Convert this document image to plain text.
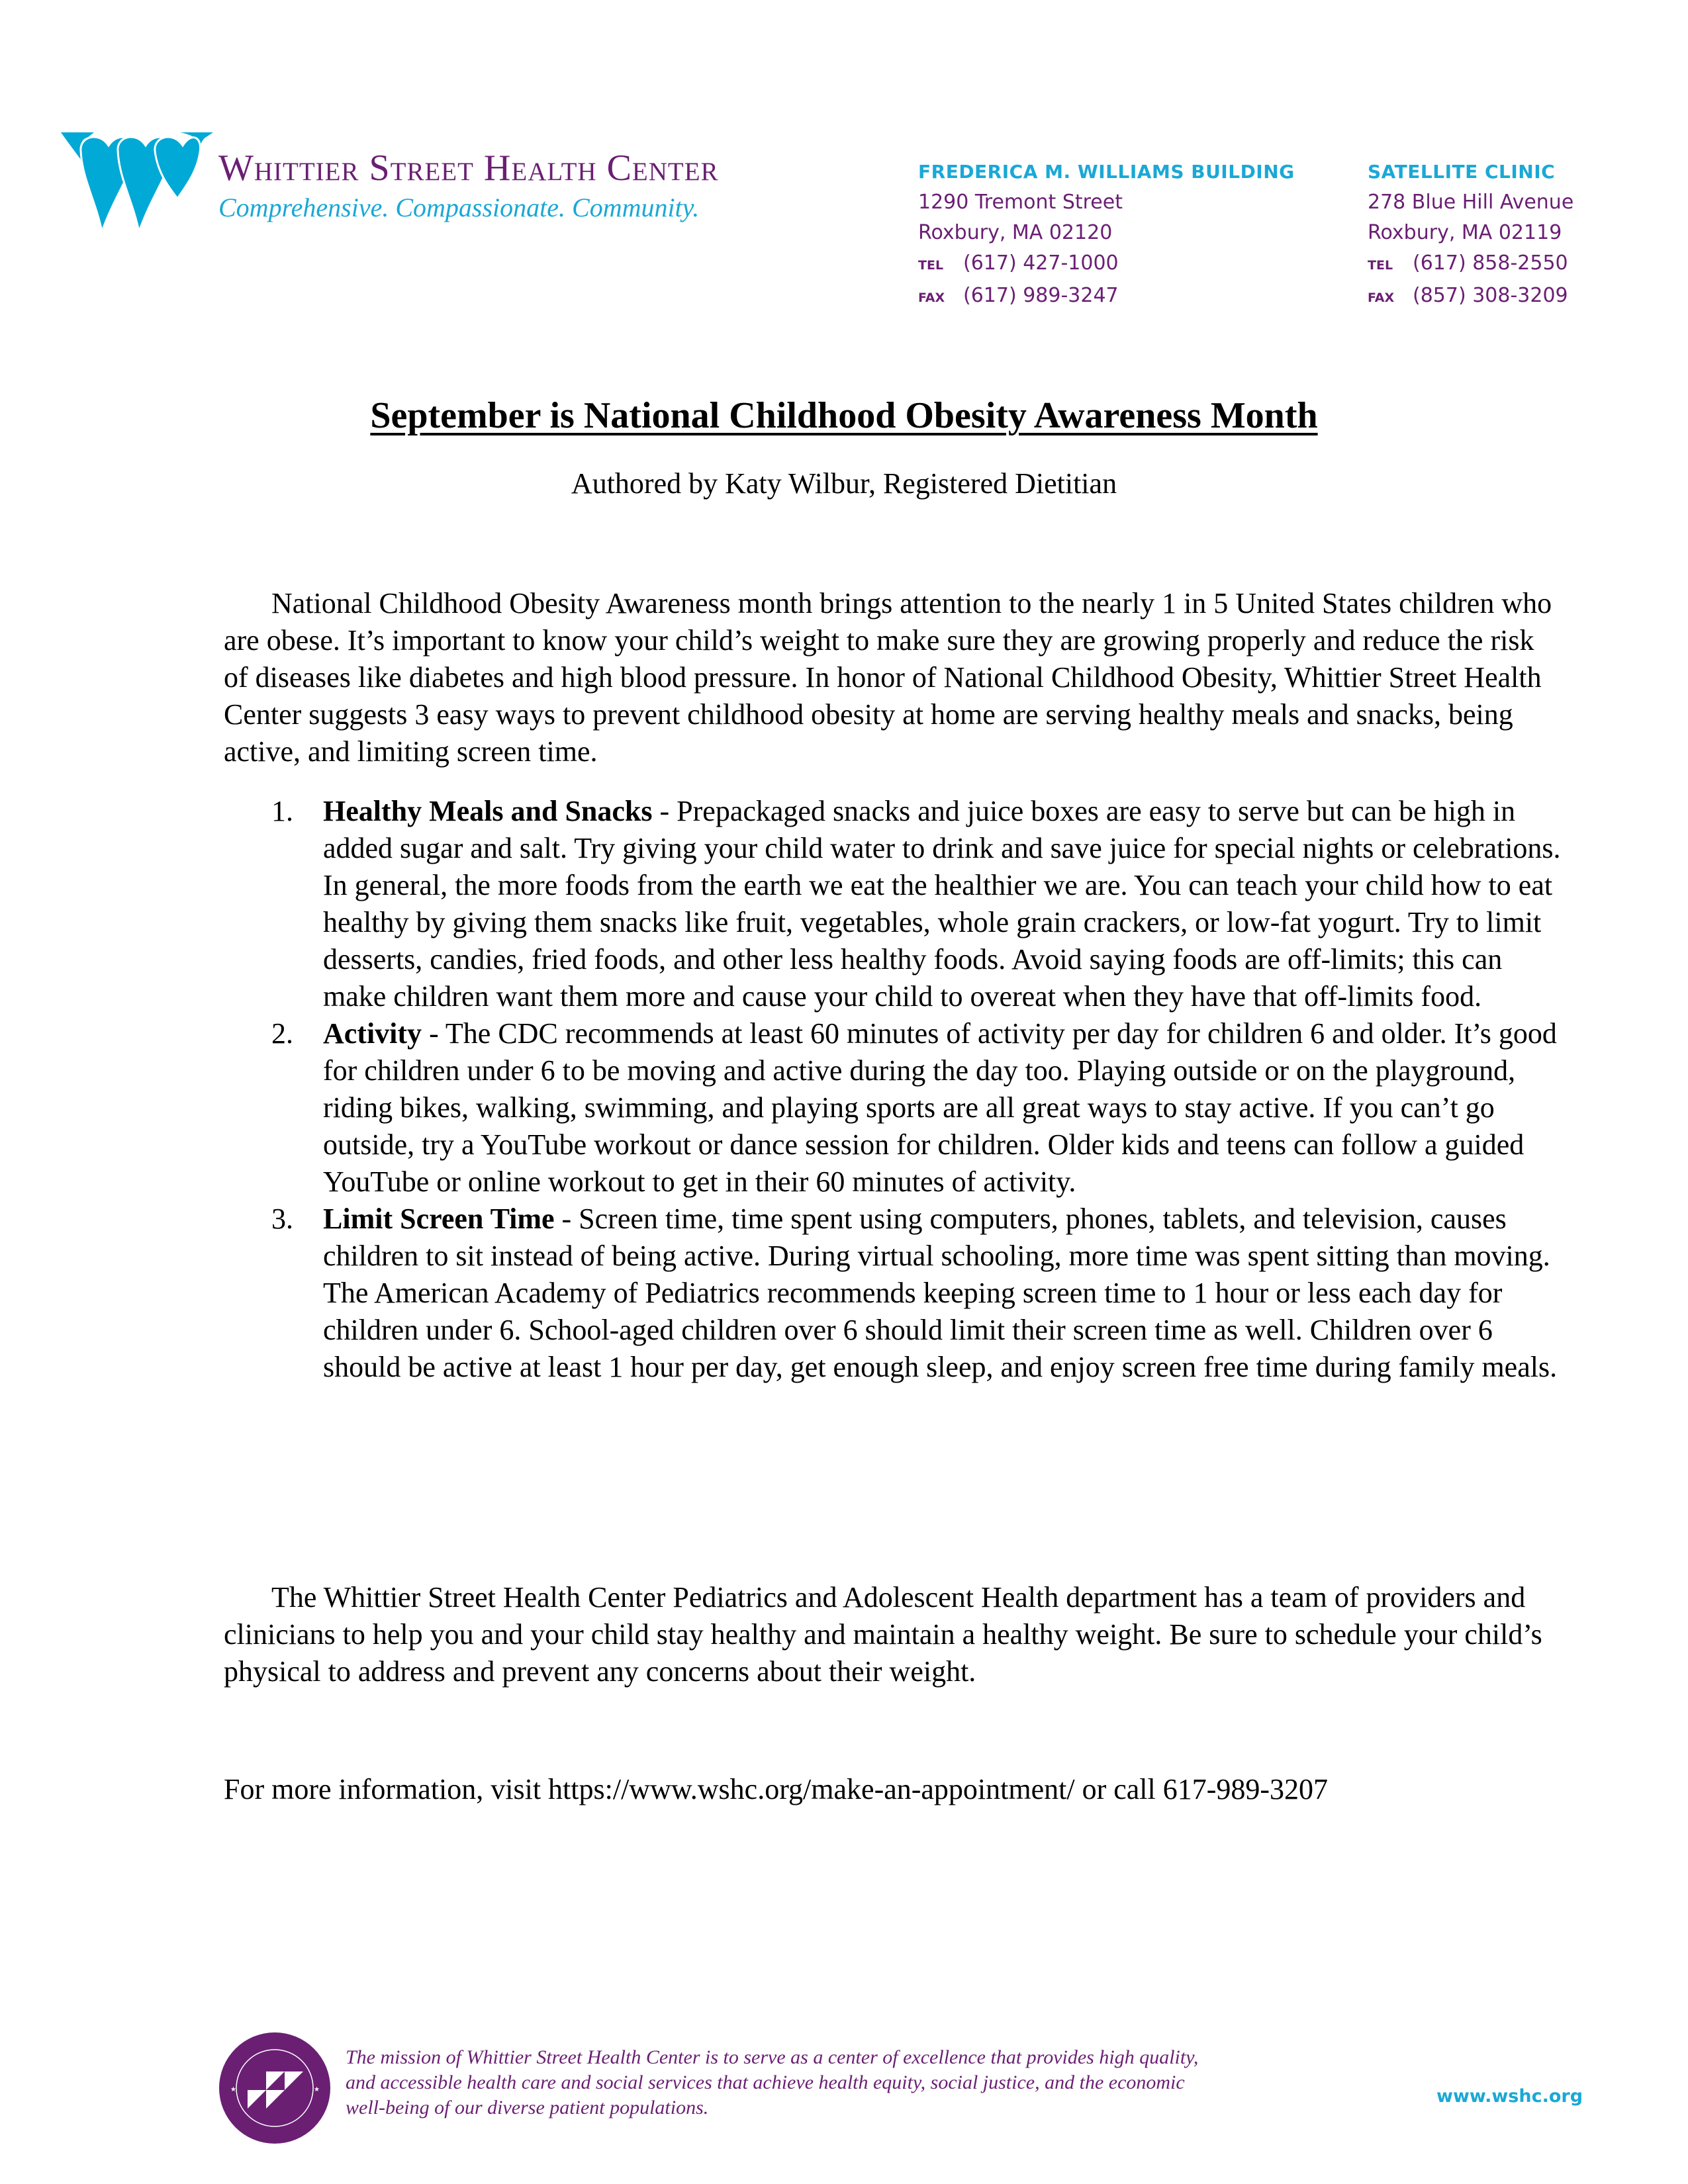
Whittier Street Health Center
Comprehensive. Compassionate. Community.
FREDERICA M. WILLIAMS BUILDING
1290 Tremont Street
Roxbury, MA 02120
TEL (617) 427-1000
FAX (617) 989-3247
SATELLITE CLINIC
278 Blue Hill Avenue
Roxbury, MA 02119
TEL (617) 858-2550
FAX (857) 308-3209
September is National Childhood Obesity Awareness Month
Authored by Katy Wilbur, Registered Dietitian

National Childhood Obesity Awareness month brings attention to the nearly 1 in 5 United States children who are obese. It’s important to know your child’s weight to make sure they are growing properly and reduce the risk of diseases like diabetes and high blood pressure. In honor of National Childhood Obesity, Whittier Street Health Center suggests 3 easy ways to prevent childhood obesity at home are serving healthy meals and snacks, being active, and limiting screen time.

1. Healthy Meals and Snacks - Prepackaged snacks and juice boxes are easy to serve but can be high in added sugar and salt. Try giving your child water to drink and save juice for special nights or celebrations. In general, the more foods from the earth we eat the healthier we are. You can teach your child how to eat healthy by giving them snacks like fruit, vegetables, whole grain crackers, or low-fat yogurt. Try to limit desserts, candies, fried foods, and other less healthy foods. Avoid saying foods are off-limits; this can make children want them more and cause your child to overeat when they have that off-limits food.
2. Activity - The CDC recommends at least 60 minutes of activity per day for children 6 and older. It’s good for children under 6 to be moving and active during the day too. Playing outside or on the playground, riding bikes, walking, swimming, and playing sports are all great ways to stay active. If you can’t go outside, try a YouTube workout or dance session for children. Older kids and teens can follow a guided YouTube or online workout to get in their 60 minutes of activity.
3. Limit Screen Time - Screen time, time spent using computers, phones, tablets, and television, causes children to sit instead of being active. During virtual schooling, more time was spent sitting than moving. The American Academy of Pediatrics recommends keeping screen time to 1 hour or less each day for children under 6. School-aged children over 6 should limit their screen time as well. Children over 6 should be active at least 1 hour per day, get enough sleep, and enjoy screen free time during family meals.

The Whittier Street Health Center Pediatrics and Adolescent Health department has a team of providers and clinicians to help you and your child stay healthy and maintain a healthy weight. Be sure to schedule your child’s physical to address and prevent any concerns about their weight.

For more information, visit https://www.wshc.org/make-an-appointment/ or call 617-989-3207

★	★
The mission of Whittier Street Health Center is to serve as a center of excellence that provides high quality, and accessible health care and social services that achieve health equity, social justice, and the economic well-being of our diverse patient populations.
www.wshc.org
